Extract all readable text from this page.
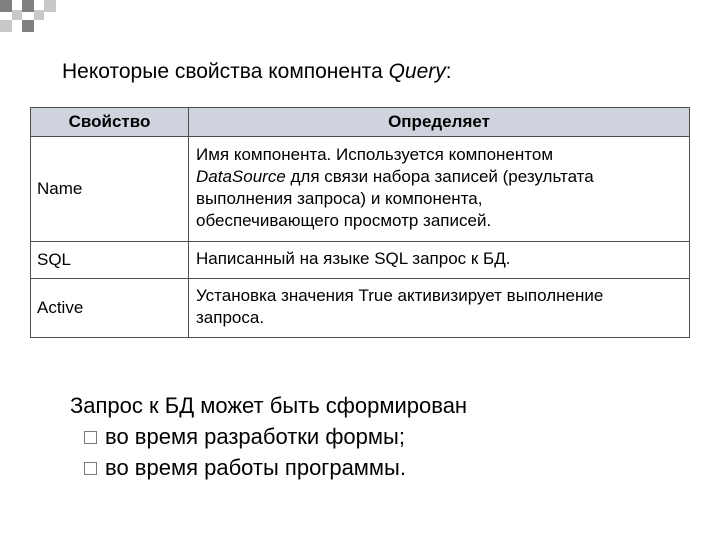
Некоторые свойства компонента Query:
Свойство	Определяет
Name	Имя компонента. Используется компонентом
DataSource для связи набора записей (результата
выполнения запроса) и компонента,
обеспечивающего просмотр записей.

SQL	Написанный на языке SQL запрос к БД.

Active	Установка значения True активизирует выполнение
запроса.
Запрос к БД может быть сформирован
во время разработки формы;
во время работы программы.
